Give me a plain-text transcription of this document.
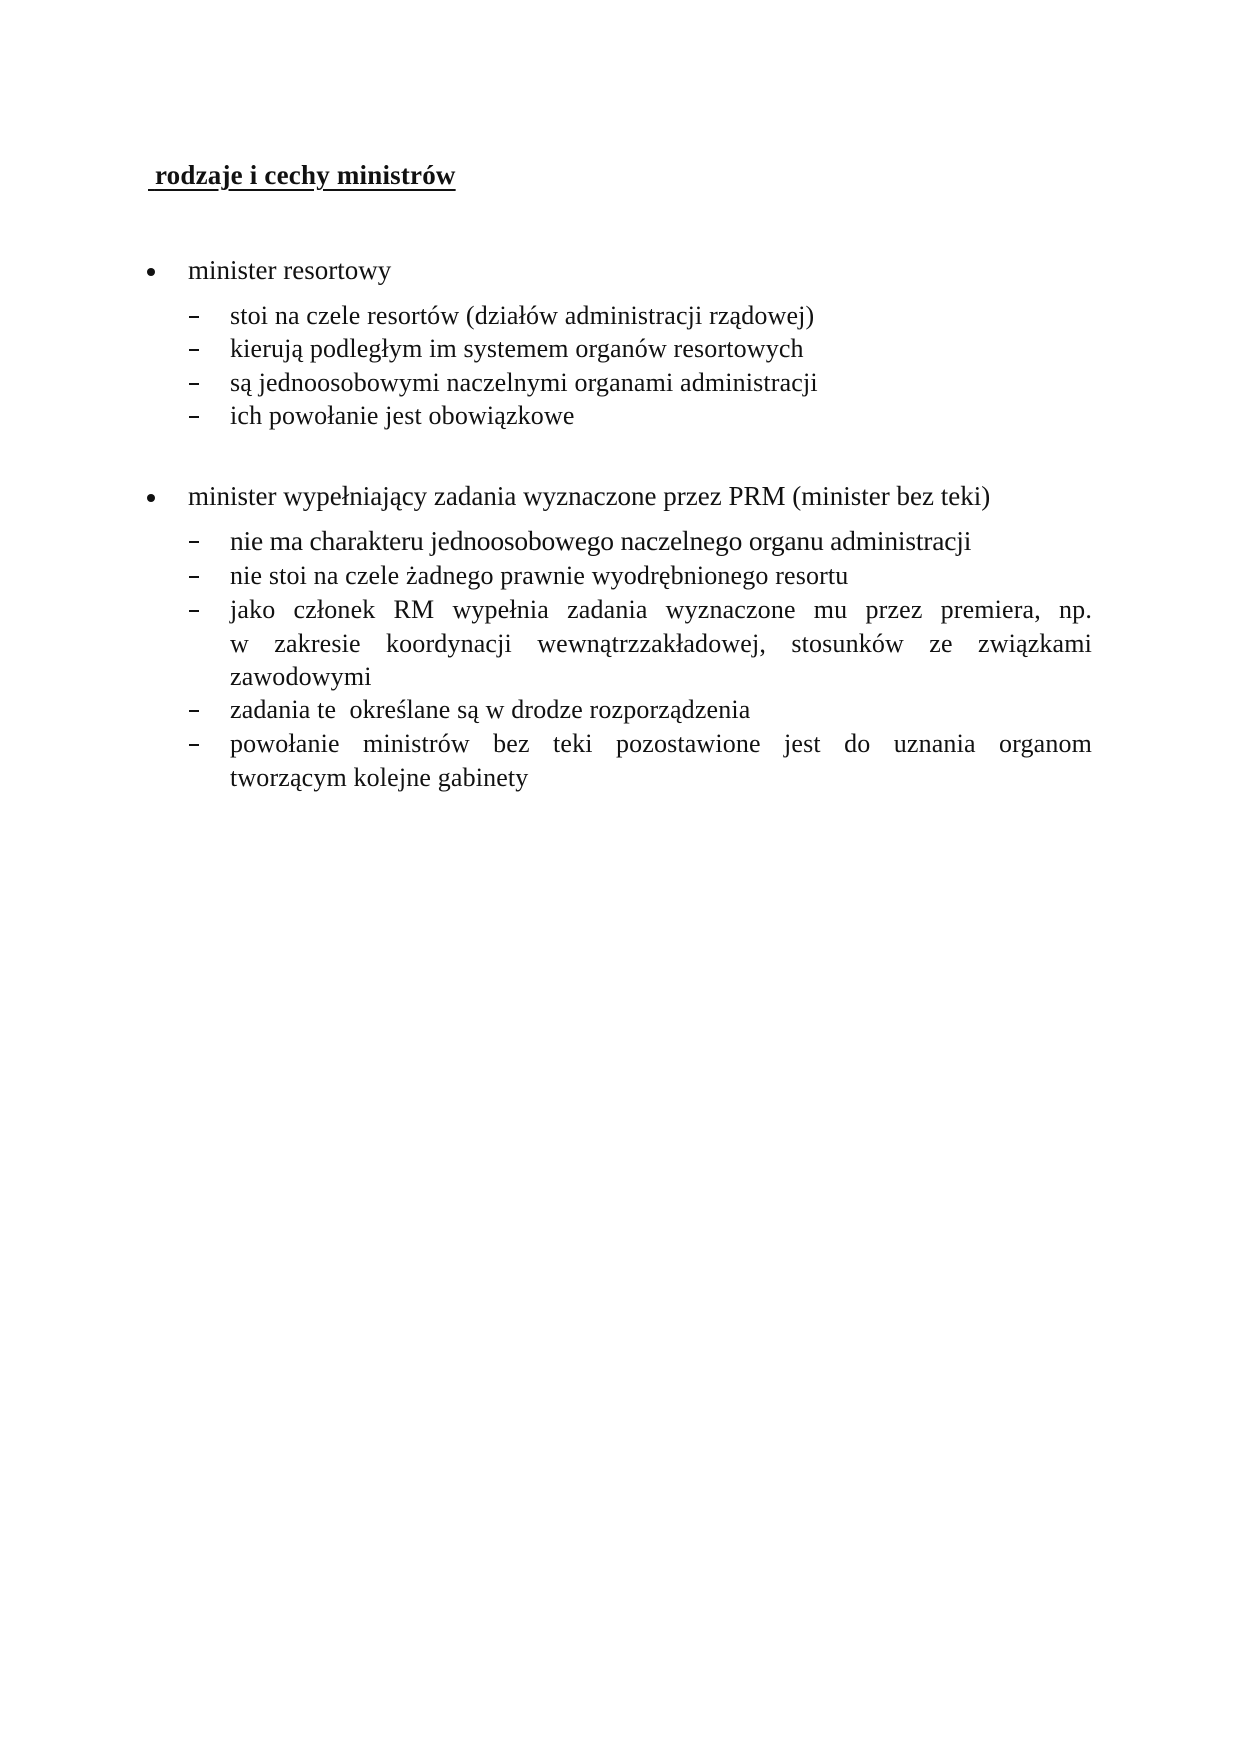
rodzaje i cechy ministrów
minister resortowy
stoi na czele resortów (działów administracji rządowej)
kierują podległym im systemem organów resortowych
są jednoosobowymi naczelnymi organami administracji
ich powołanie jest obowiązkowe
minister wypełniający zadania wyznaczone przez PRM (minister bez teki)
nie ma charakteru jednoosobowego naczelnego organu administracji
nie stoi na czele żadnego prawnie wyodrębnionego resortu
jako członek RM wypełnia zadania wyznaczone mu przez premiera, np.
w zakresie koordynacji wewnątrzzakładowej, stosunków ze związkami
zawodowymi
zadania te  określane są w drodze rozporządzenia
powołanie ministrów bez teki pozostawione jest do uznania organom
tworzącym kolejne gabinety
